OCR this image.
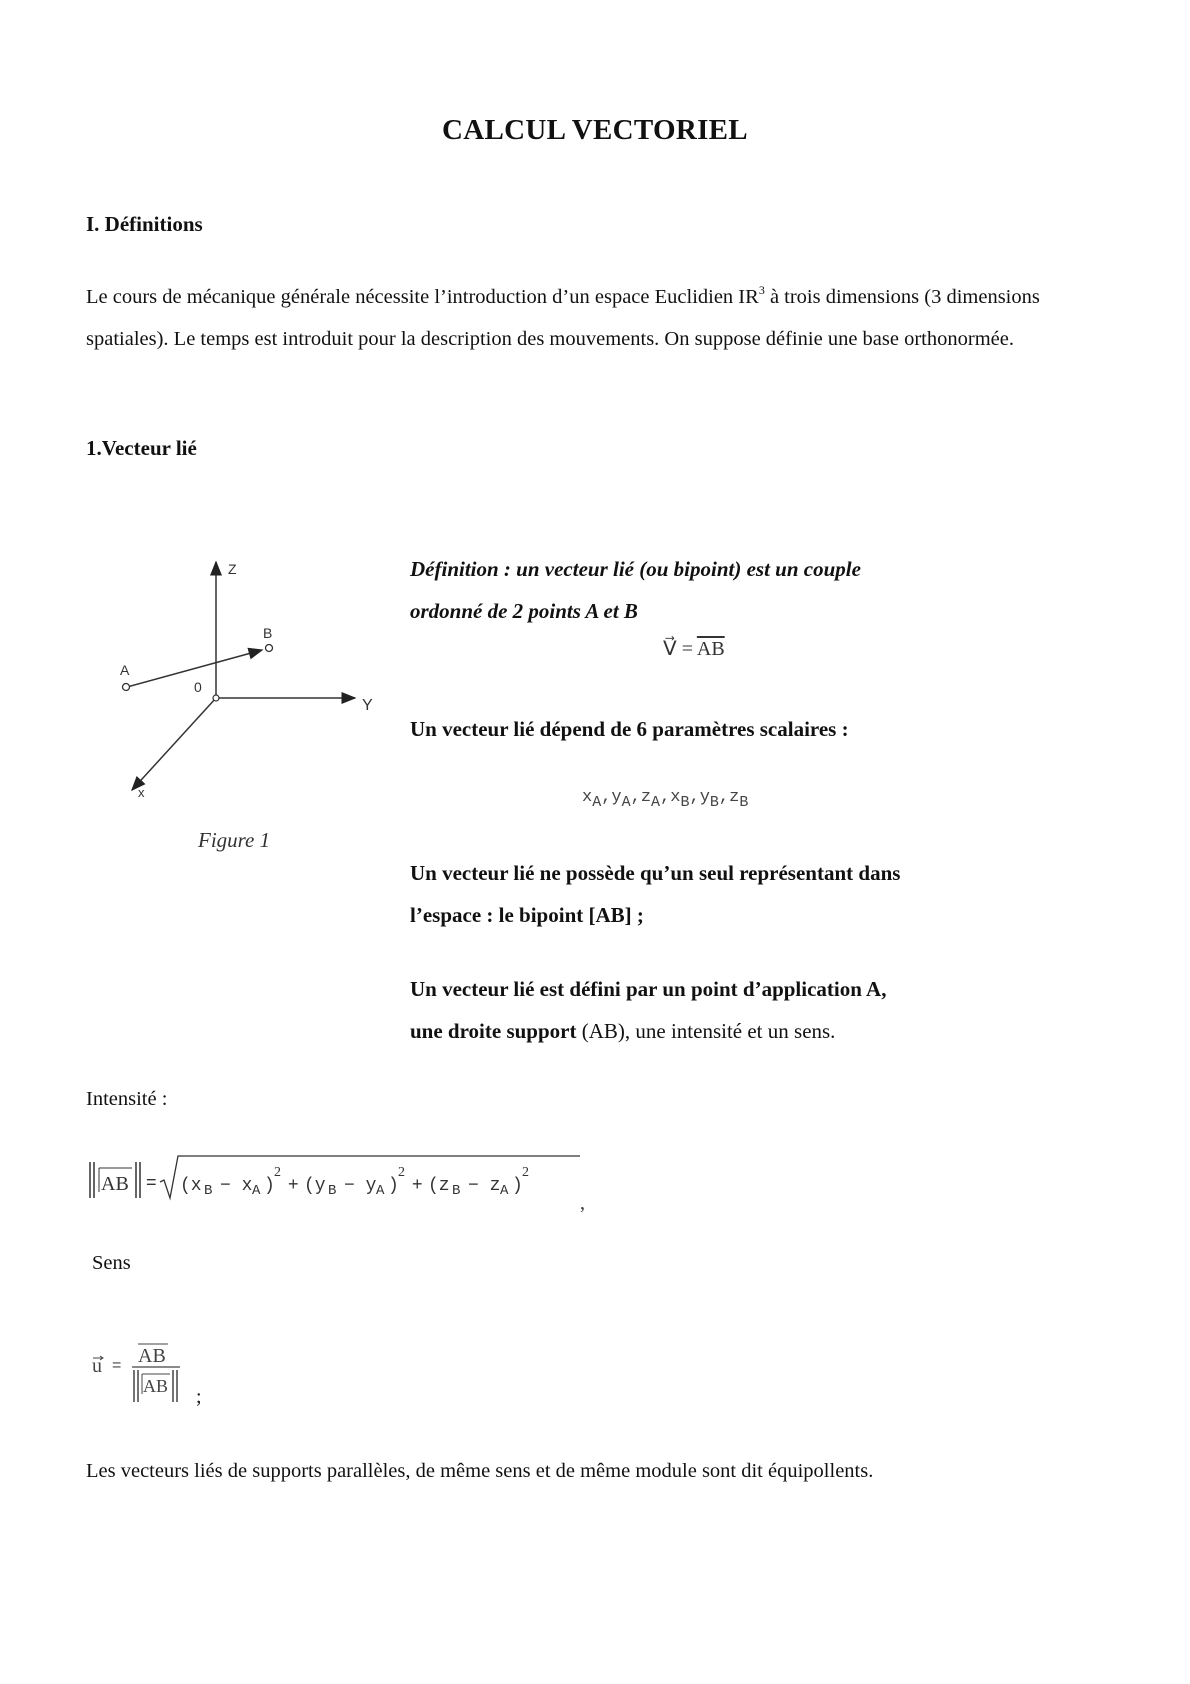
CALCUL VECTORIEL
I. Définitions
Le cours de mécanique générale nécessite l’introduction d’un espace Euclidien $IR^3$ à trois dimensions (3 dimensions spatiales). Le temps est introduit pour la description des mouvements. On suppose définie une base orthonormée.
1.Vecteur lié
Z
Y
x
0
A
B
Figure 1
Définition : un vecteur lié (ou bipoint) est un couple
ordonné de 2 points A et B
V⃗ = $\overline{AB}$
Un vecteur lié dépend de 6 paramètres scalaires :
$x_A,y_A,z_A,x_B,y_B,z_B$
Un vecteur lié ne possède qu’un seul représentant dans
l’espace : le bipoint [AB] ;
Un vecteur lié est défini par un point d’application A,
une droite support (AB), une intensité et un sens.
Intensité :
AB = (x B − x A )
2
+ (y B − y A )
2
+ (z B − z A )
2
,
Sens
u = AB
AB ;
Les vecteurs liés de supports parallèles, de même sens et de même module sont dit équipollents.
